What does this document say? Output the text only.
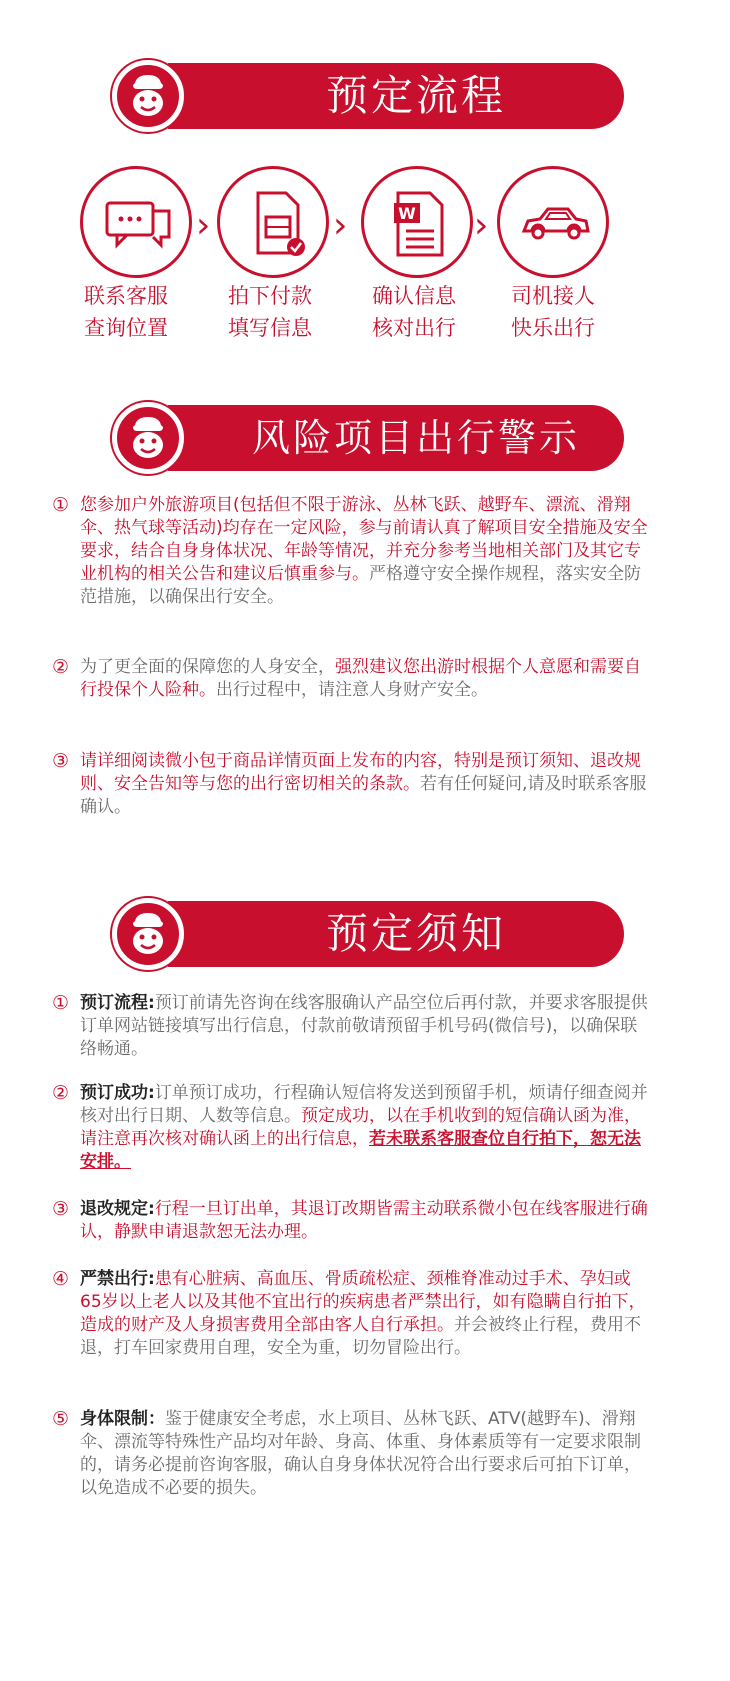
预定流程
›	›	W ›
联系客服
查询位置
拍下付款
填写信息
确认信息
核对出行
司机接人
快乐出行
风险项目出行警示
① 您参加户外旅游项目(包括但不限于游泳、丛林飞跃、越野车、漂流、滑翔伞、热气球等活动)均存在一定风险，参与前请认真了解项目安全措施及安全要求，结合自身身体状况、年龄等情况，并充分参考当地相关部门及其它专业机构的相关公告和建议后慎重参与。严格遵守安全操作规程，落实安全防范措施，以确保出行安全。
② 为了更全面的保障您的人身安全，强烈建议您出游时根据个人意愿和需要自行投保个人险种。出行过程中，请注意人身财产安全。
③ 请详细阅读微小包于商品详情页面上发布的内容，特别是预订须知、退改规则、安全告知等与您的出行密切相关的条款。若有任何疑问,请及时联系客服确认。
预定须知
① 预订流程:预订前请先咨询在线客服确认产品空位后再付款，并要求客服提供订单网站链接填写出行信息，付款前敬请预留手机号码(微信号)，以确保联络畅通。
② 预订成功:订单预订成功，行程确认短信将发送到预留手机，烦请仔细查阅并核对出行日期、人数等信息。预定成功，以在手机收到的短信确认函为准，请注意再次核对确认函上的出行信息，若未联系客服查位自行拍下，恕无法安排。
③ 退改规定:行程一旦订出单，其退订改期皆需主动联系微小包在线客服进行确认，静默申请退款恕无法办理。
④ 严禁出行:患有心脏病、高血压、骨质疏松症、颈椎脊准动过手术、孕妇或65岁以上老人以及其他不宜出行的疾病患者严禁出行，如有隐瞒自行拍下，造成的财产及人身损害费用全部由客人自行承担。并会被终止行程，费用不退，打车回家费用自理，安全为重，切勿冒险出行。
⑤ 身体限制：鉴于健康安全考虑，水上项目、丛林飞跃、ATV(越野车)、滑翔伞、漂流等特殊性产品均对年龄、身高、体重、身体素质等有一定要求限制的，请务必提前咨询客服，确认自身身体状况符合出行要求后可拍下订单，以免造成不必要的损失。
